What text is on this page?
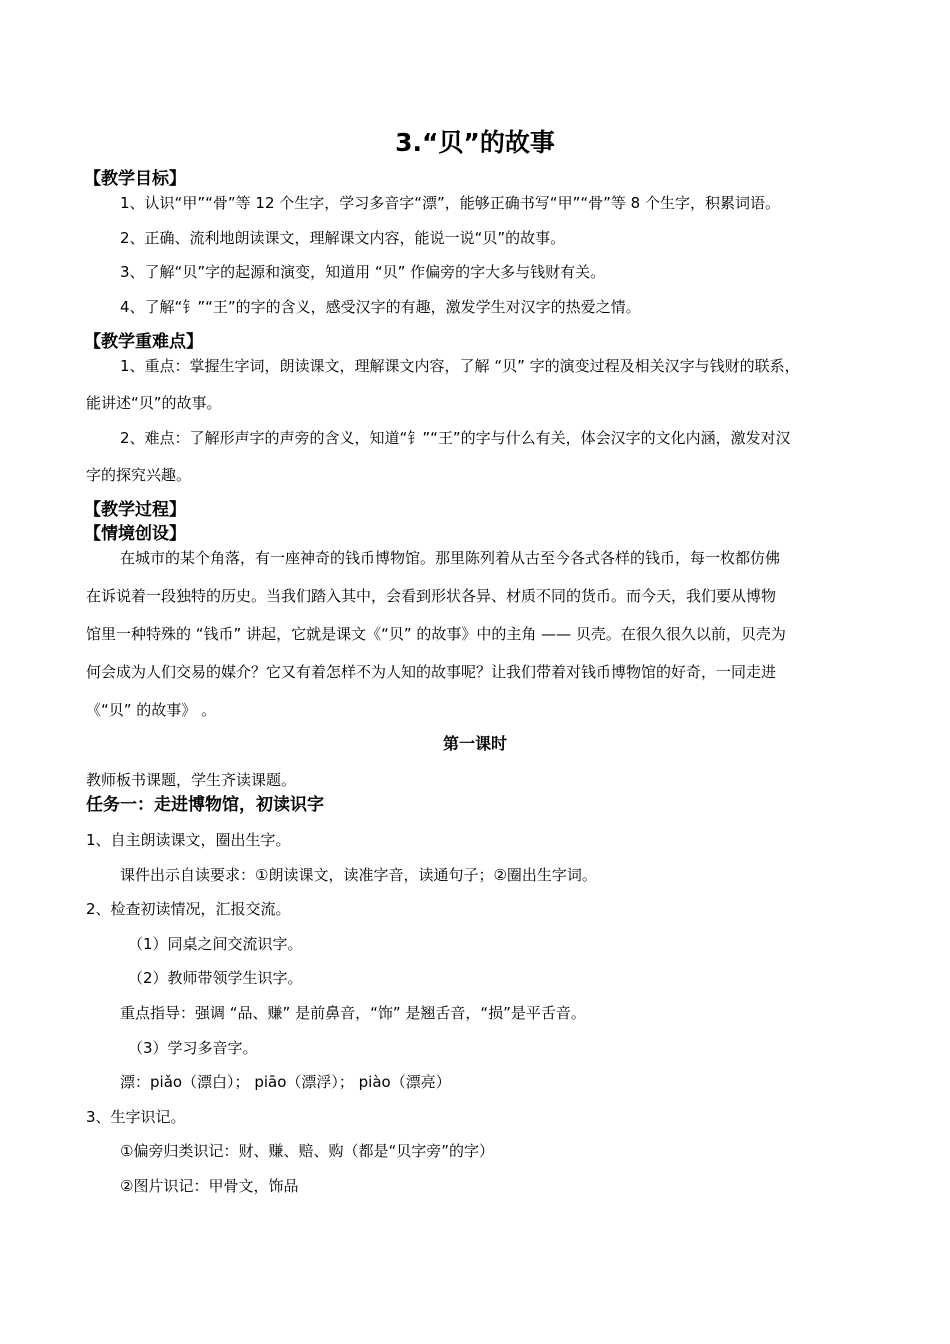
3.“贝”的故事
【教学目标】
1、认识“甲”“骨”等 12 个生字，学习多音字“漂”，能够正确书写“甲”“骨”等 8 个生字，积累词语。
2、正确、流利地朗读课文，理解课文内容，能说一说“贝”的故事。
3、了解“贝”字的起源和演变，知道用 “贝” 作偏旁的字大多与钱财有关。
4、了解“钅”“王”的字的含义，感受汉字的有趣，激发学生对汉字的热爱之情。
【教学重难点】
1、重点：掌握生字词，朗读课文，理解课文内容，了解 “贝” 字的演变过程及相关汉字与钱财的联系，
能讲述“贝”的故事。
2、难点：了解形声字的声旁的含义，知道“钅”“王”的字与什么有关，体会汉字的文化内涵，激发对汉
字的探究兴趣。
【教学过程】
【情境创设】
在城市的某个角落，有一座神奇的钱币博物馆。那里陈列着从古至今各式各样的钱币，每一枚都仿佛
在诉说着一段独特的历史。当我们踏入其中，会看到形状各异、材质不同的货币。而今天，我们要从博物
馆里一种特殊的 “钱币” 讲起，它就是课文《“贝” 的故事》中的主角 —— 贝壳。在很久很久以前，贝壳为
何会成为人们交易的媒介？它又有着怎样不为人知的故事呢？让我们带着对钱币博物馆的好奇，一同走进
《“贝” 的故事》 。
第一课时
教师板书课题，学生齐读课题。
任务一：走进博物馆，初读识字
1、自主朗读课文，圈出生字。
课件出示自读要求：①朗读课文，读准字音，读通句子；②圈出生字词。
2、检查初读情况，汇报交流。
（1）同桌之间交流识字。
（2）教师带领学生识字。
重点指导：强调 “品、赚” 是前鼻音，“饰” 是翘舌音，“损”是平舌音。
（3）学习多音字。
漂：piǎo（漂白）； piāo（漂浮）； piào（漂亮）
3、生字识记。
①偏旁归类识记：财、赚、赔、购（都是“贝字旁”的字）
②图片识记：甲骨文，饰品
